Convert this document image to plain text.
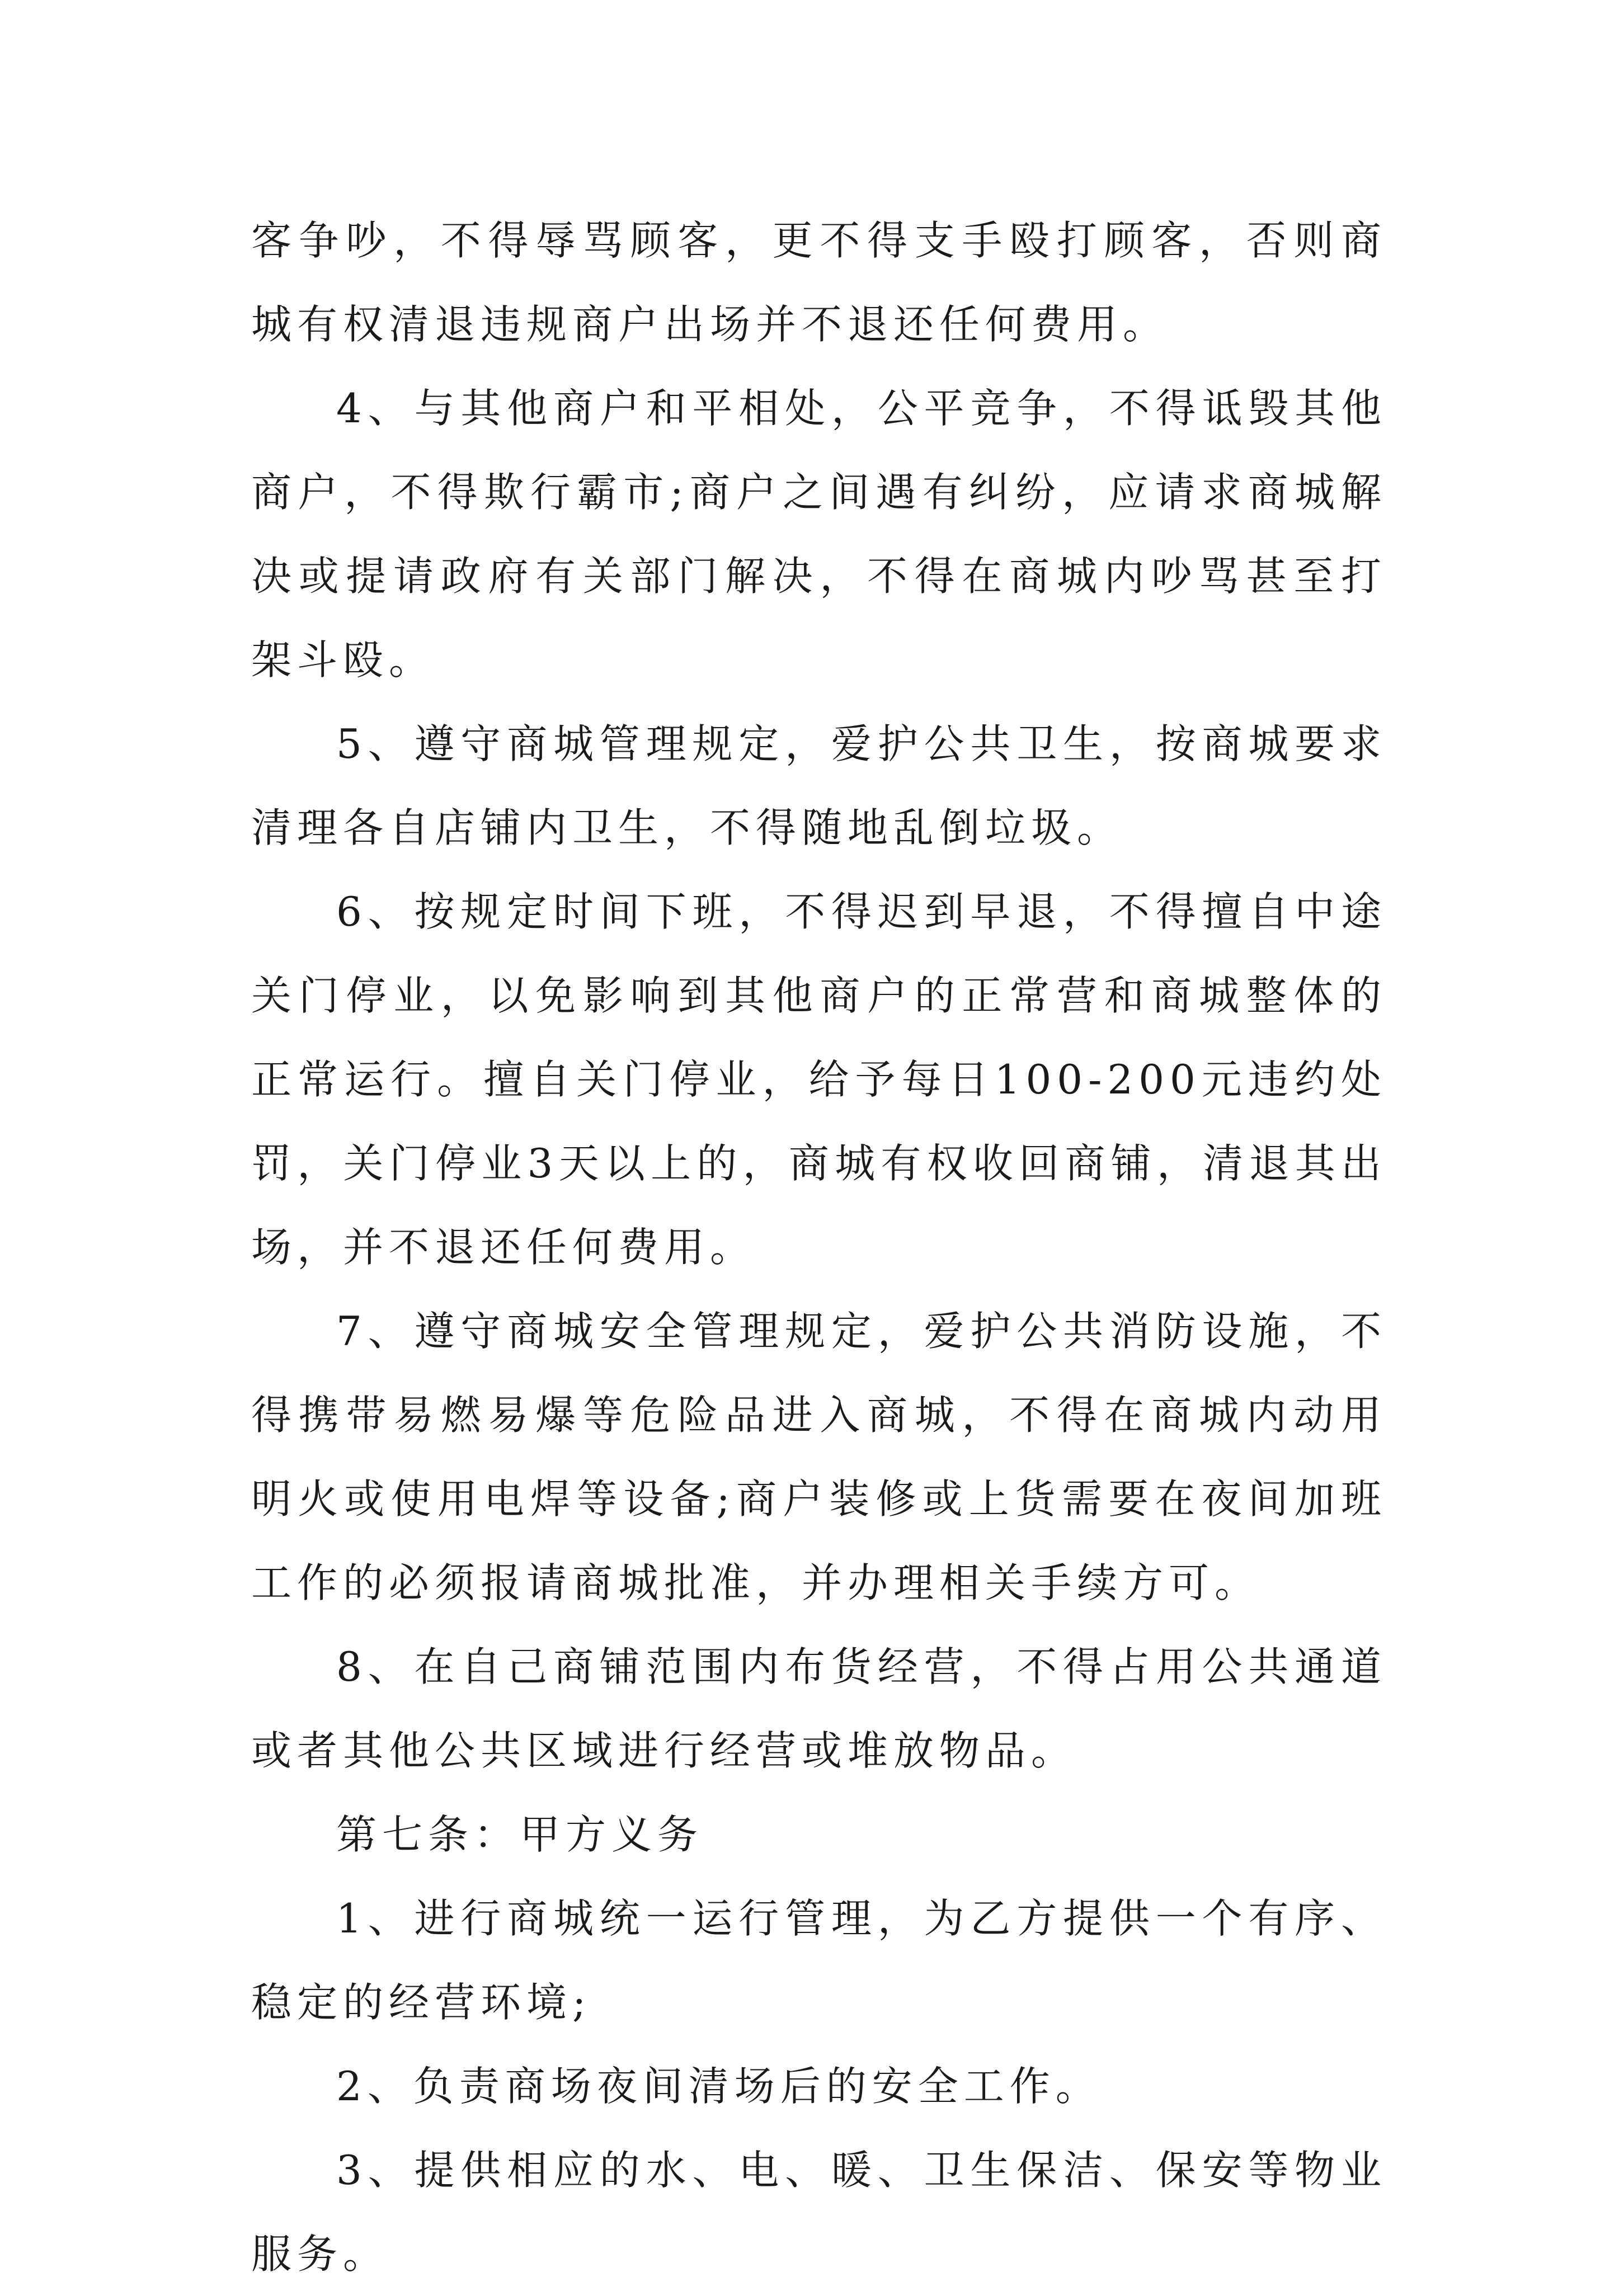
客争吵，不得辱骂顾客，更不得支手殴打顾客，否则商城有权清退违规商户出场并不退还任何费用。

4、与其他商户和平相处，公平竞争，不得诋毁其他商户，不得欺行霸市;商户之间遇有纠纷，应请求商城解决或提请政府有关部门解决，不得在商城内吵骂甚至打架斗殴。

5、遵守商城管理规定，爱护公共卫生，按商城要求清理各自店铺内卫生，不得随地乱倒垃圾。

6、按规定时间下班，不得迟到早退，不得擅自中途关门停业，以免影响到其他商户的正常营和商城整体的正常运行。擅自关门停业，给予每日100-200元违约处罚，关门停业3天以上的，商城有权收回商铺，清退其出场，并不退还任何费用。

7、遵守商城安全管理规定，爱护公共消防设施，不得携带易燃易爆等危险品进入商城，不得在商城内动用明火或使用电焊等设备;商户装修或上货需要在夜间加班工作的必须报请商城批准，并办理相关手续方可。

8、在自己商铺范围内布货经营，不得占用公共通道或者其他公共区域进行经营或堆放物品。

第七条：甲方义务

1、进行商城统一运行管理，为乙方提供一个有序、稳定的经营环境;

2、负责商场夜间清场后的安全工作。

3、提供相应的水、电、暖、卫生保洁、保安等物业服务。
